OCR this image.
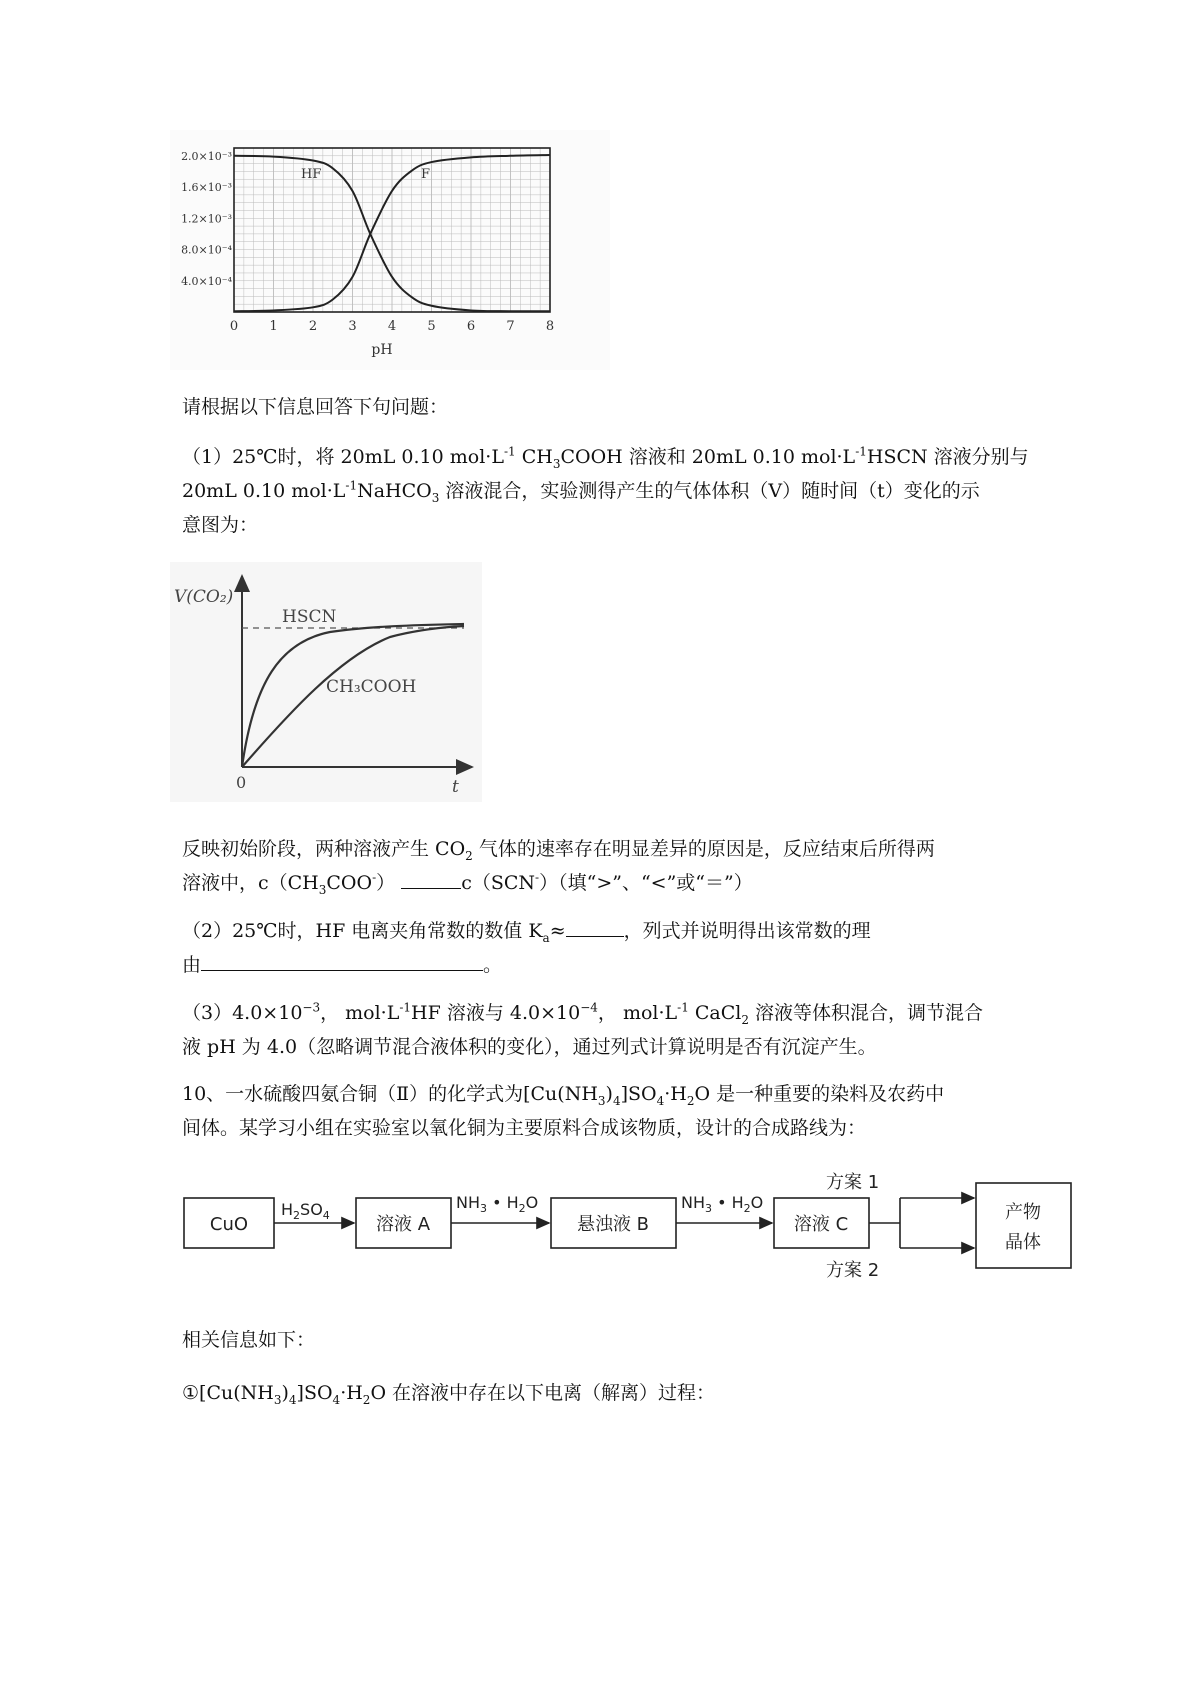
2.0×10⁻³
1.6×10⁻³
1.2×10⁻³
8.0×10⁻⁴
4.0×10⁻⁴
0 1 2 3 4 5 6 7 8
HF	F
pH

请根据以下信息回答下句问题：

（1）25℃时，将 20mL 0.10 $mol\cdot L^{-1}$ $CH_3COOH$ 溶液和 20mL 0.10 $mol\cdot L^{-1}HSCN$ 溶液分别与
20mL 0.10 $mol\cdot L^{-1}NaHCO_3$ 溶液混合，实验测得产生的气体体积（V）随时间（t）变化的示
意图为：

V(CO₂)
HSCN
CH₃COOH
0	t

反映初始阶段，两种溶液产生 $CO_2$ 气体的速率存在明显差异的原因是，反应结束后所得两
溶液中，$c(CH_3COO^-)$	c（SCN-）（填“>”、“<”或“＝”）

（2）25℃时，HF 电离夹角常数的数值 $K_a\approx$	，列式并说明得出该常数的理
由	。

$(3)4.0\times 10^{-3}$， $mol\cdot L^{-1}HF$ 溶液与 $4.0\times 10^{-4}$， $mol\cdot L^{-1}$ CaCl$_2$ 溶液等体积混合，调节混合
液 pH 为 4.0（忽略调节混合液体积的变化），通过列式计算说明是否有沉淀产生。

10、一水硫酸四氨合铜（Ⅱ）的化学式为$[Cu(NH_3)_4]SO_4\cdot H_2O$ 是一种重要的染料及农药中
间体。某学习小组在实验室以氧化铜为主要原料合成该物质，设计的合成路线为：

CuO	溶液 A	悬浊液 B	溶液 C
产物
晶体
方案 1
方案 2
$H_2SO_4$
$NH_3$ • $H_2O$	$NH_3$ • $H_2O$

相关信息如下：

$①[Cu(NH_3)_4]SO_4\cdot H_2O$ 在溶液中存在以下电离（解离）过程：
